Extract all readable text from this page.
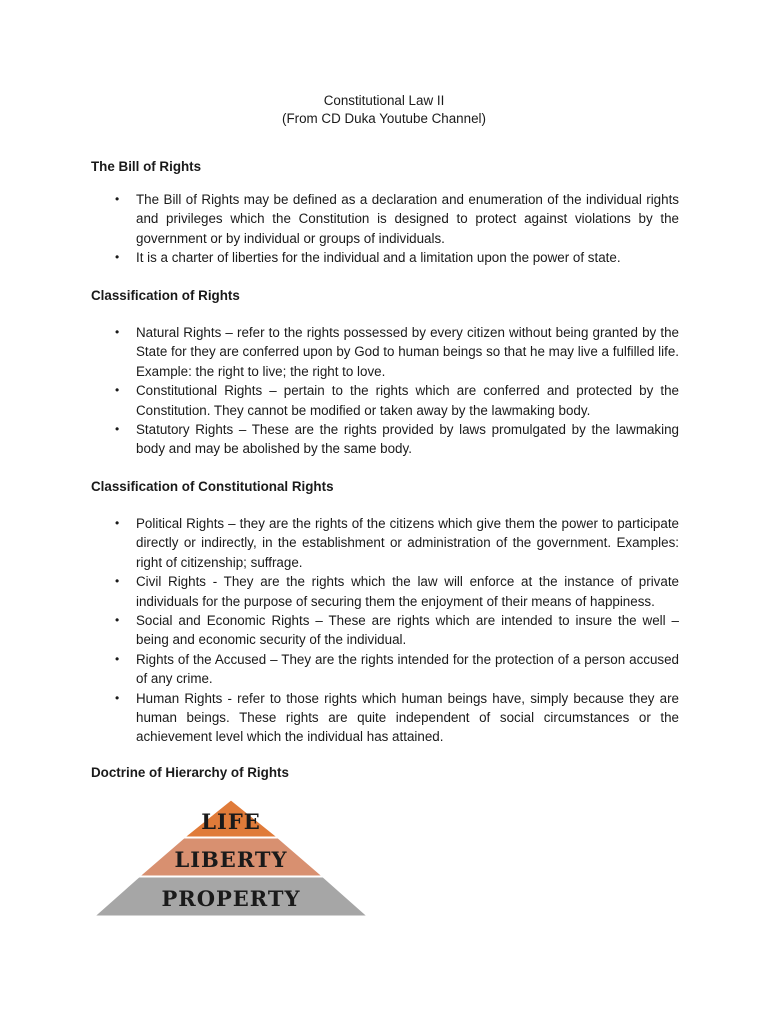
Constitutional Law II
(From CD Duka Youtube Channel)
The Bill of Rights
• The Bill of Rights may be defined as a declaration and enumeration of the individual rights and privileges which the Constitution is designed to protect against violations by the government or by individual or groups of individuals.
• It is a charter of liberties for the individual and a limitation upon the power of state.
Classification of Rights
• Natural Rights – refer to the rights possessed by every citizen without being granted by the State for they are conferred upon by God to human beings so that he may live a fulfilled life. Example: the right to live; the right to love.
• Constitutional Rights – pertain to the rights which are conferred and protected by the Constitution. They cannot be modified or taken away by the lawmaking body.
• Statutory Rights – These are the rights provided by laws promulgated by the lawmaking body and may be abolished by the same body.
Classification of Constitutional Rights
• Political Rights – they are the rights of the citizens which give them the power to participate directly or indirectly, in the establishment or administration of the government. Examples: right of citizenship; suffrage.
• Civil Rights - They are the rights which the law will enforce at the instance of private individuals for the purpose of securing them the enjoyment of their means of happiness.
• Social and Economic Rights – These are rights which are intended to insure the well – being and economic security of the individual.
• Rights of the Accused – They are the rights intended for the protection of a person accused of any crime.
• Human Rights - refer to those rights which human beings have, simply because they are human beings. These rights are quite independent of social circumstances or the achievement level which the individual has attained.
Doctrine of Hierarchy of Rights
LIFE
LIBERTY
PROPERTY
